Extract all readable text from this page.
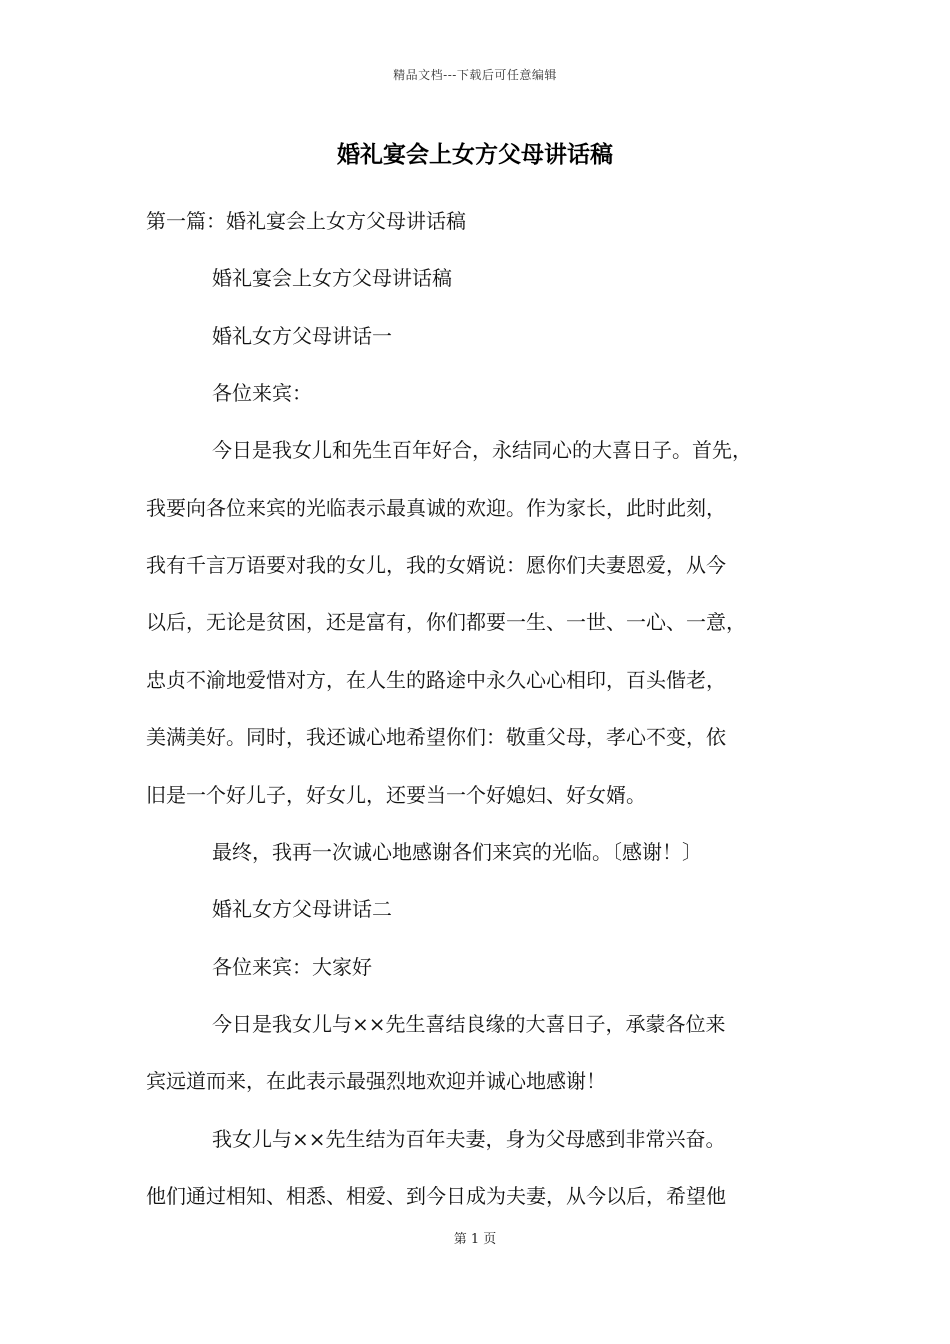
精品文档---下载后可任意编辑
婚礼宴会上女方父母讲话稿
第一篇：婚礼宴会上女方父母讲话稿
婚礼宴会上女方父母讲话稿
婚礼女方父母讲话一
各位来宾：
今日是我女儿和先生百年好合，永结同心的大喜日子。首先，
我要向各位来宾的光临表示最真诚的欢迎。作为家长，此时此刻，
我有千言万语要对我的女儿，我的女婿说：愿你们夫妻恩爱，从今
以后，无论是贫困，还是富有，你们都要一生、一世、一心、一意，
忠贞不渝地爱惜对方，在人生的路途中永久心心相印，百头偕老，
美满美好。同时，我还诚心地希望你们：敬重父母，孝心不变，依
旧是一个好儿子，好女儿，还要当一个好媳妇、好女婿。
最终，我再一次诚心地感谢各们来宾的光临。〔感谢！〕
婚礼女方父母讲话二
各位来宾：大家好
今日是我女儿与××先生喜结良缘的大喜日子，承蒙各位来
宾远道而来，在此表示最强烈地欢迎并诚心地感谢！
我女儿与××先生结为百年夫妻，身为父母感到非常兴奋。
他们通过相知、相悉、相爱、到今日成为夫妻，从今以后，希望他
第 1 页
